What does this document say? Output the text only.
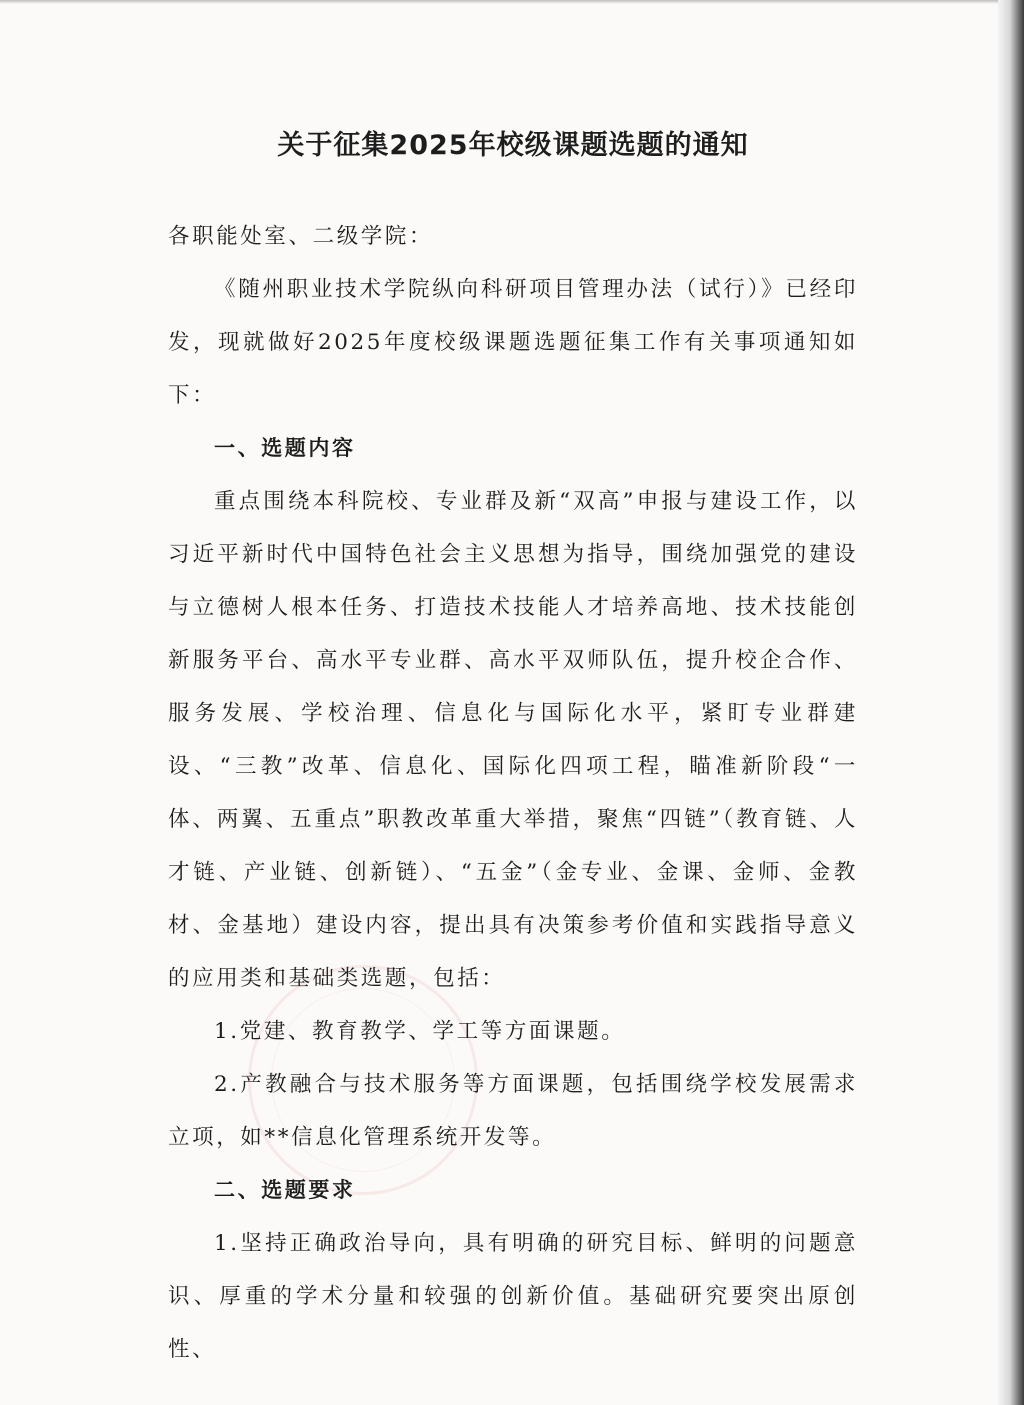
关于征集2025年校级课题选题的通知

各职能处室、二级学院：

《随州职业技术学院纵向科研项目管理办法（试行）》已经印发，现就做好2025年度校级课题选题征集工作有关事项通知如下：

一、选题内容

重点围绕本科院校、专业群及新“双高”申报与建设工作，以习近平新时代中国特色社会主义思想为指导，围绕加强党的建设与立德树人根本任务、打造技术技能人才培养高地、技术技能创新服务平台、高水平专业群、高水平双师队伍，提升校企合作、服务发展、学校治理、信息化与国际化水平，紧盯专业群建设、“三教”改革、信息化、国际化四项工程，瞄准新阶段“一体、两翼、五重点”职教改革重大举措，聚焦“四链”（教育链、人才链、产业链、创新链）、“五金”（金专业、金课、金师、金教材、金基地）建设内容，提出具有决策参考价值和实践指导意义的应用类和基础类选题，包括：

1.党建、教育教学、学工等方面课题。

2.产教融合与技术服务等方面课题，包括围绕学校发展需求立项，如**信息化管理系统开发等。

二、选题要求

1.坚持正确政治导向，具有明确的研究目标、鲜明的问题意识、厚重的学术分量和较强的创新价值。基础研究要突出原创性、
